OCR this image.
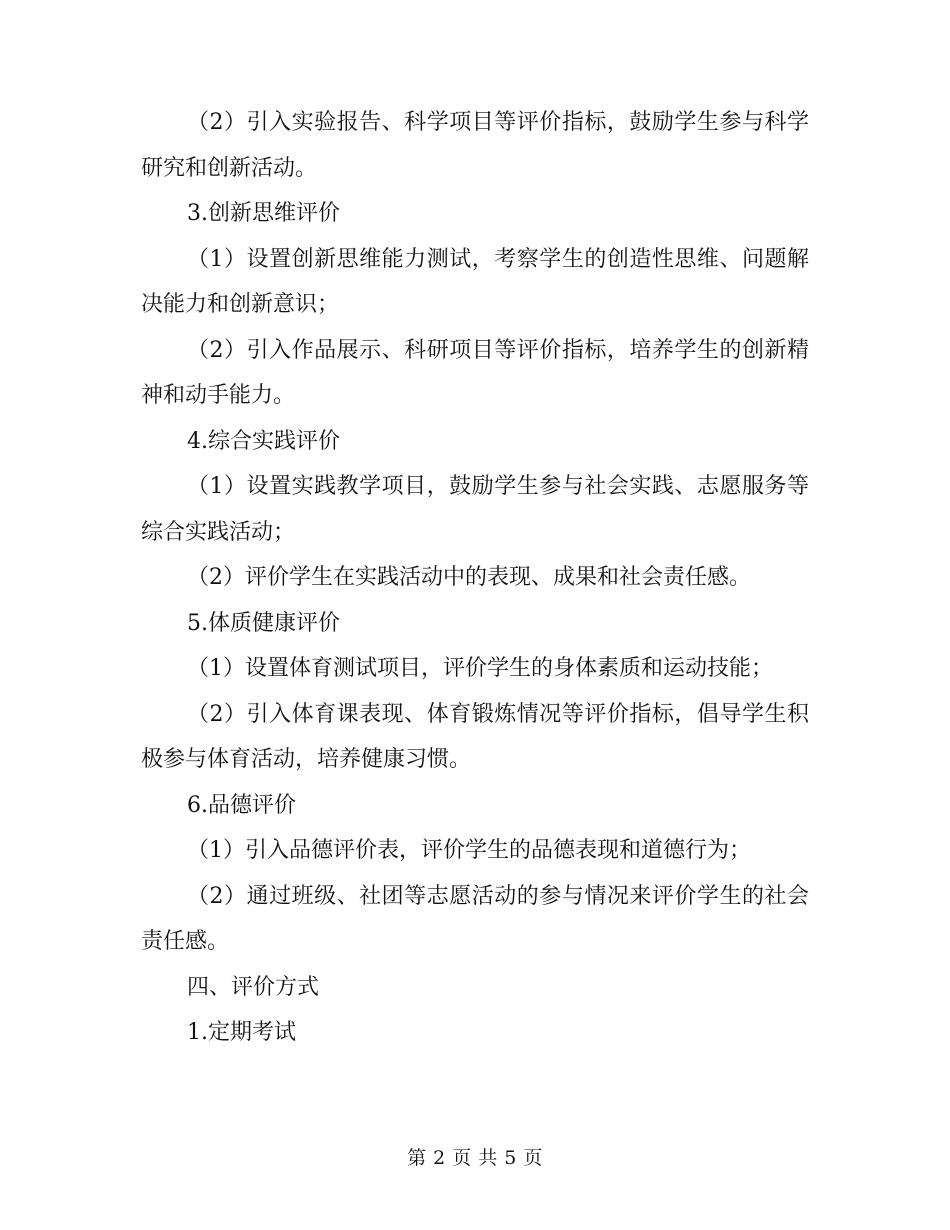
（2）引入实验报告、科学项目等评价指标，鼓励学生参与科学研究和创新活动。

3.创新思维评价

（1）设置创新思维能力测试，考察学生的创造性思维、问题解决能力和创新意识；

（2）引入作品展示、科研项目等评价指标，培养学生的创新精神和动手能力。

4.综合实践评价

（1）设置实践教学项目，鼓励学生参与社会实践、志愿服务等综合实践活动；

（2）评价学生在实践活动中的表现、成果和社会责任感。

5.体质健康评价

（1）设置体育测试项目，评价学生的身体素质和运动技能；

（2）引入体育课表现、体育锻炼情况等评价指标，倡导学生积极参与体育活动，培养健康习惯。

6.品德评价

（1）引入品德评价表，评价学生的品德表现和道德行为；

（2）通过班级、社团等志愿活动的参与情况来评价学生的社会责任感。

四、评价方式

1.定期考试

第 2 页 共 5 页
